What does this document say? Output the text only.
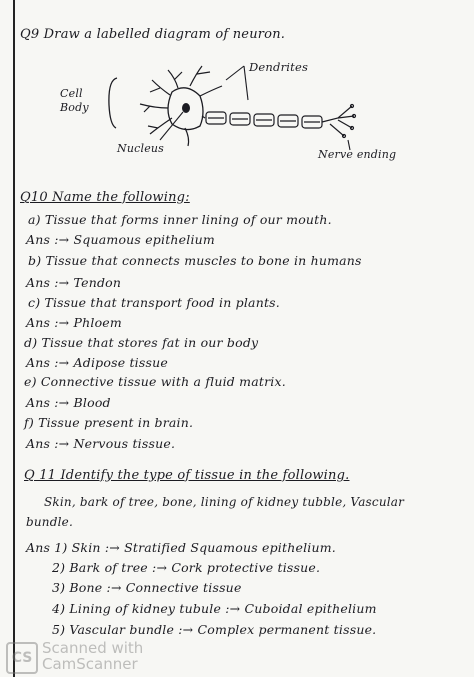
Q9 Draw a labelled diagram of neuron.
Cell
Body
Dendrites
Nucleus	Nerve ending
Q10 Name the following:
a) Tissue that forms inner lining of our mouth.
Ans :→ Squamous epithelium
b) Tissue that connects muscles to bone in humans
Ans :→ Tendon
c) Tissue that transport food in plants.
Ans :→ Phloem
d) Tissue that stores fat in our body
Ans :→ Adipose tissue
e) Connective tissue with a fluid matrix.
Ans :→ Blood
f) Tissue present in brain.
Ans :→ Nervous tissue.
Q 11 Identify the type of tissue in the following.
Skin, bark of tree, bone, lining of kidney tubble, Vascular
bundle.
Ans 1) Skin :→ Stratified Squamous epithelium.
2) Bark of tree :→ Cork protective tissue.
3) Bone :→ Connective tissue
4) Lining of kidney tubule :→ Cuboidal epithelium
5) Vascular bundle :→ Complex permanent tissue.
CS
Scanned with
CamScanner
